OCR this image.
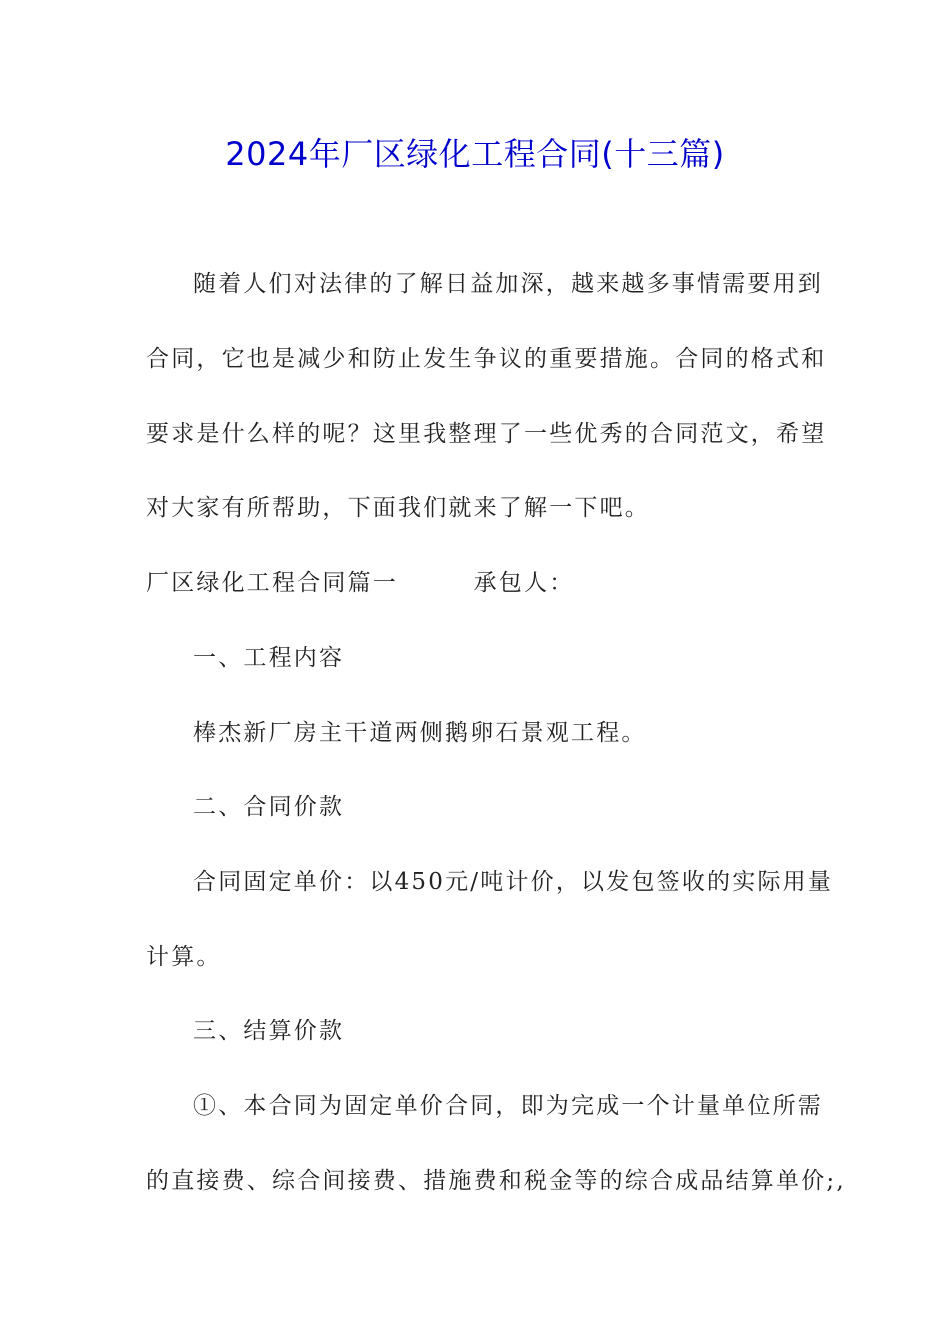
2024年厂区绿化工程合同(十三篇)
随着人们对法律的了解日益加深，越来越多事情需要用到
合同，它也是减少和防止发生争议的重要措施。合同的格式和
要求是什么样的呢？这里我整理了一些优秀的合同范文，希望
对大家有所帮助，下面我们就来了解一下吧。
厂区绿化工程合同篇一　　　承包人：
一、工程内容
棒杰新厂房主干道两侧鹅卵石景观工程。
二、合同价款
合同固定单价：以450元/吨计价，以发包签收的实际用量
计算。
三、结算价款
①、本合同为固定单价合同，即为完成一个计量单位所需
的直接费、综合间接费、措施费和税金等的综合成品结算单价;,
